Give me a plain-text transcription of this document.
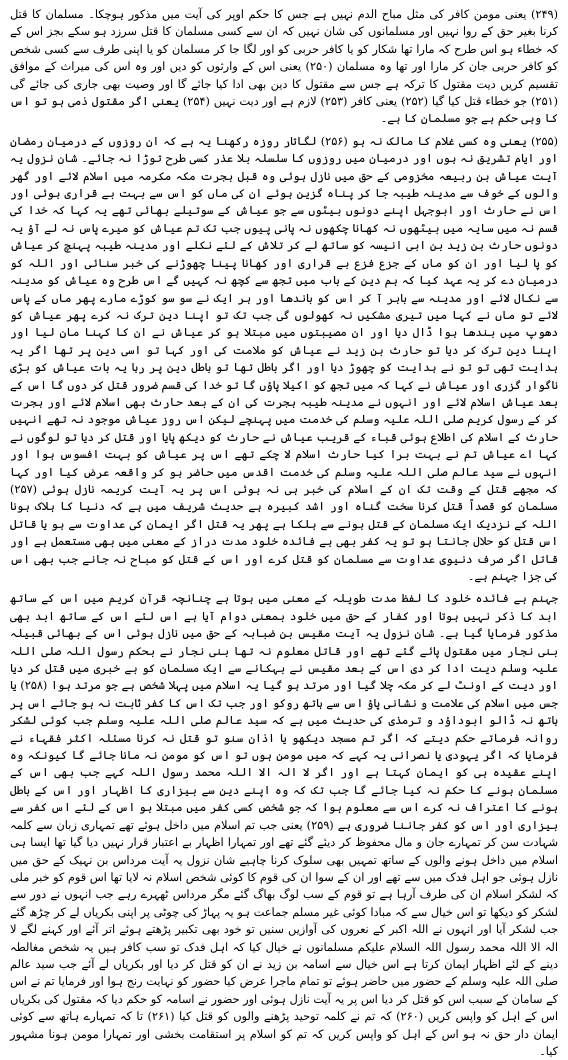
(۲۴۹) یعنی مومن کافر کی مثل مباح الدم نہیں ہے جس کا حکم اوپر کی آیت میں مذکور ہوچکا۔ مسلمان کا قتل کرنا بغیر حق کے روا نہیں اور مسلمانوں کی شان نہیں کہ ان سے کسی مسلمان کا قتل سرزد ہو سکے بجز اس کے کہ خطاء ہو اس طرح کہ مارا تھا شکار کو یا کافر حربی کو اور لگا جا کر مسلمان کو یا اپنی طرف سے کسی شخص کو کافر حربی جان کر مارا اور تھا وہ مسلمان (۲۵۰) یعنی اس کے وارثوں کو دیں اور وہ اس کی میراث کے موافق تقسیم کریں دیت مقتول کا ترکہ ہے جس سے مقتول کا دین بھی ادا کیا جائے گا اور وصیت بھی جاری کی جائے گی (۲۵۱) جو خطاء قتل کیا گیا (۲۵۲) یعنی کافر (۲۵۳) لازم ہے اور دیت نہیں (۲۵۴) یعنی اگر مقتول ذمی ہو تو اس کا وہی حکم ہے جو مسلمان کا ہے۔

(۲۵۵) یعنی وہ کسی غلام کا مالک نہ ہو (۲۵۶) لگاتار روزہ رکھنا یہ ہے کہ ان روزوں کے درمیان رمضان اور ایام تشریق نہ ہوں اور درمیان میں روزوں کا سلسلہ بلا عذر کسی طرح توڑا نہ جائے۔ شان نزول یہ آیت عیاش بن ربیعہ مخزومی کے حق میں نازل ہوئی وہ قبل ہجرت مکہ مکرمہ میں اسلام لائے اور گھر والوں کے خوف سے مدینہ طیبہ جا کر پناہ گزین ہوئے ان کی ماں کو اس سے بہت بے قراری ہوئی اور اس نے حارث اور ابوجہل اپنے دونوں بیٹوں سے جو عیاش کے سوتیلے بھائی تھے یہ کہا کہ خدا کی قسم نہ میں سایہ میں بیٹھوں نہ کھانا چکھوں نہ پانی پیوں جب تک تم عیاش کو میرے پاس نہ لے آؤ یہ دونوں حارث بن زید بن ابی انیسہ کو ساتھ لے کر تلاش کے لئے نکلے اور مدینہ طیبہ پہنچ کر عیاش کو پا لیا اور ان کو ماں کے جزع فزع بے قراری اور کھانا پینا چھوڑنے کی خبر سنائی اور اللہ کو درمیان دے کر یہ عہد کیا کہ ہم دین کے باب میں تجھ سے کچھ نہ کہیں گے اس طرح وہ عیاش کو مدینہ سے نکال لائے اور مدینہ سے باہر آ کر اس کو باندھا اور ہر ایک نے سو سو کوڑے مارے پھر ماں کے پاس لائے تو ماں نے کہا میں تیری مشکیں نہ کھولوں گی جب تک تو اپنا دین ترک نہ کرے پھر عیاش کو دھوپ میں بندھا ہوا ڈال دیا اور ان مصیبتوں میں مبتلا ہو کر عیاش نے ان کا کہنا مان لیا اور اپنا دین ترک کر دیا تو حارث بن زید نے عیاش کو ملامت کی اور کہا تو اسی دین پر تھا اگر یہ ہدایت تھی تو تو نے ہدایت کو چھوڑ دیا اور اگر باطل تھا تو باطل دین پر رہا یہ بات عیاش کو بڑی ناگوار گزری اور عیاش نے کہا کہ میں تجھ کو اکیلا پاؤں گا تو خدا کی قسم ضرور قتل کر دوں گا اس کے بعد عیاش اسلام لائے اور انہوں نے مدینہ طیبہ ہجرت کی ان کے بعد حارث بھی اسلام لائے اور ہجرت کر کے رسول کریم صلی اللہ علیہ وسلم کی خدمت میں پہنچے لیکن اس روز عیاش موجود نہ تھے انہیں حارث کے اسلام کی اطلاع ہوئی قباء کے قریب عیاش نے حارث کو دیکھ پایا اور قتل کر دیا تو لوگوں نے کہا اے عیاش تم نے بہت برا کیا حارث اسلام لا چکے تھے اس پر عیاش کو بہت افسوس ہوا اور انہوں نے سید عالم صلی اللہ علیہ وسلم کی خدمت اقدس میں حاضر ہو کر واقعہ عرض کیا اور کہا کہ مجھے قتل کے وقت تک ان کے اسلام کی خبر ہی نہ ہوئی اس پر یہ آیت کریمہ نازل ہوئی (۲۵۷) مسلمان کو قصداً قتل کرنا سخت گناہ اور اشد کبیرہ ہے حدیث شریف میں ہے کہ دنیا کا ہلاک ہونا اللہ کے نزدیک ایک مسلمان کے قتل ہونے سے ہلکا ہے پھر یہ قتل اگر ایمان کی عداوت سے ہو یا قاتل اس قتل کو حلال جانتا ہو تو یہ کفر بھی ہے فائدہ خلود مدت دراز کے معنی میں بھی مستعمل ہے اور قاتل اگر صرف دنیوی عداوت سے مسلمان کو قتل کرے اور اس کے قتل کو مباح نہ جانے جب بھی اس کی جزا جہنم ہے۔

جہنم ہے فائدہ خلود کا لفظ مدت طویلہ کے معنی میں ہوتا ہے چنانچہ قرآن کریم میں اس کے ساتھ ابد کا ذکر نہیں ہوتا اور کفار کے حق میں خلود بمعنی دوام آیا ہے اس لئے اس کے ساتھ ابد بھی مذکور فرمایا گیا ہے۔ شان نزول یہ آیت مقیس بن ضبابہ کے حق میں نازل ہوئی اس کے بھائی قبیلہ بنی نجار میں مقتول پائے گئے تھے اور قاتل معلوم نہ تھا بنی نجار نے بحکم رسول اللہ صلی اللہ علیہ وسلم دیت ادا کر دی اس کے بعد مقیس نے بہکانے سے ایک مسلمان کو بے خبری میں قتل کر دیا اور دیت کے اونٹ لے کر مکہ چلا گیا اور مرتد ہو گیا یہ اسلام میں پہلا شخص ہے جو مرتد ہوا (۲۵۸) یا جس میں اسلام کی علامت و نشانی پاؤ اس سے ہاتھ روکو اور جب تک اس کا کفر ثابت نہ ہو جائے اس پر ہاتھ نہ ڈالو ابوداؤد و ترمذی کی حدیث میں ہے کہ سید عالم صلی اللہ علیہ وسلم جب کوئی لشکر روانہ فرماتے حکم دیتے کہ اگر تم مسجد دیکھو یا اذان سنو تو قتل نہ کرنا مسئلہ اکثر فقہاء نے فرمایا کہ اگر یہودی یا نصرانی یہ کہے کہ میں مومن ہوں تو اس کو مومن نہ مانا جائے گا کیونکہ وہ اپنے عقیدہ ہی کو ایمان کہتا ہے اور اگر لا الہ الا اللہ محمد رسول اللہ کہے جب بھی اس کے مسلمان ہونے کا حکم نہ کیا جائے گا جب تک کہ وہ اپنے دین سے بیزاری کا اظہار اور اس کے باطل ہونے کا اعتراف نہ کرے اس سے معلوم ہوا کہ جو شخص کسی کفر میں مبتلا ہو اس کے لئے اس کفر سے بیزاری اور اس کو کفر جاننا ضروری ہے (۲۵۹) یعنی جب تم اسلام میں داخل ہوئے تھے تمہاری زبان سے کلمہ شہادت سن کر تمہارے جان و مال محفوظ کر دیئے گئے تھے اور تمہارا اظہار بے اعتبار قرار نہیں دیا گیا تھا ایسا ہی اسلام میں داخل ہونے والوں کے ساتھ تمہیں بھی سلوک کرنا چاہیے شان نزول یہ آیت مرداس بن نہیک کے حق میں نازل ہوئی جو اہل فدک میں سے تھے اور ان کے سوا ان کی قوم کا کوئی شخص اسلام نہ لایا تھا اس قوم کو خبر ملی کہ لشکر اسلام ان کی طرف آرہا ہے تو قوم کے سب لوگ بھاگ گئے مگر مرداس ٹھہرے رہے جب انہوں نے دور سے لشکر کو دیکھا تو اس خیال سے کہ مبادا کوئی غیر مسلم جماعت ہو یہ پہاڑ کی چوٹی پر اپنی بکریاں لے کر چڑھ گئے جب لشکر آیا اور انہوں نے اللہ اکبر کے نعروں کی آوازیں سنیں تو خود بھی تکبیر پڑھتے ہوئے اتر آئے اور کہنے لگے لا الہ الا اللہ محمد رسول اللہ السلام علیکم مسلمانوں نے خیال کیا کہ اہل فدک تو سب کافر ہیں یہ شخص مغالطہ دینے کے لئے اظہار ایمان کرتا ہے اس خیال سے اسامہ بن زید نے ان کو قتل کر دیا اور بکریاں لے آئے جب سید عالم صلی اللہ علیہ وسلم کے حضور میں حاضر ہوئے تو تمام ماجرا عرض کیا حضور کو نہایت رنج ہوا اور فرمایا تم نے اس کے سامان کے سبب اس کو قتل کر دیا اس پر یہ آیت نازل ہوئی اور حضور نے اسامہ کو حکم دیا کہ مقتول کی بکریاں اس کے اہل کو واپس کریں (۲۶۰) کہ تم نے کلمہ توحید پڑھنے والوں کو قتل کیا (۲۶۱) تا کہ تمہارے ہاتھ سے کوئی ایمان دار حق نہ ہو اس کے اہل کو واپس کریں کہ تم کو اسلام پر استقامت بخشی اور تمہارا مومن ہونا مشہور کیا۔
